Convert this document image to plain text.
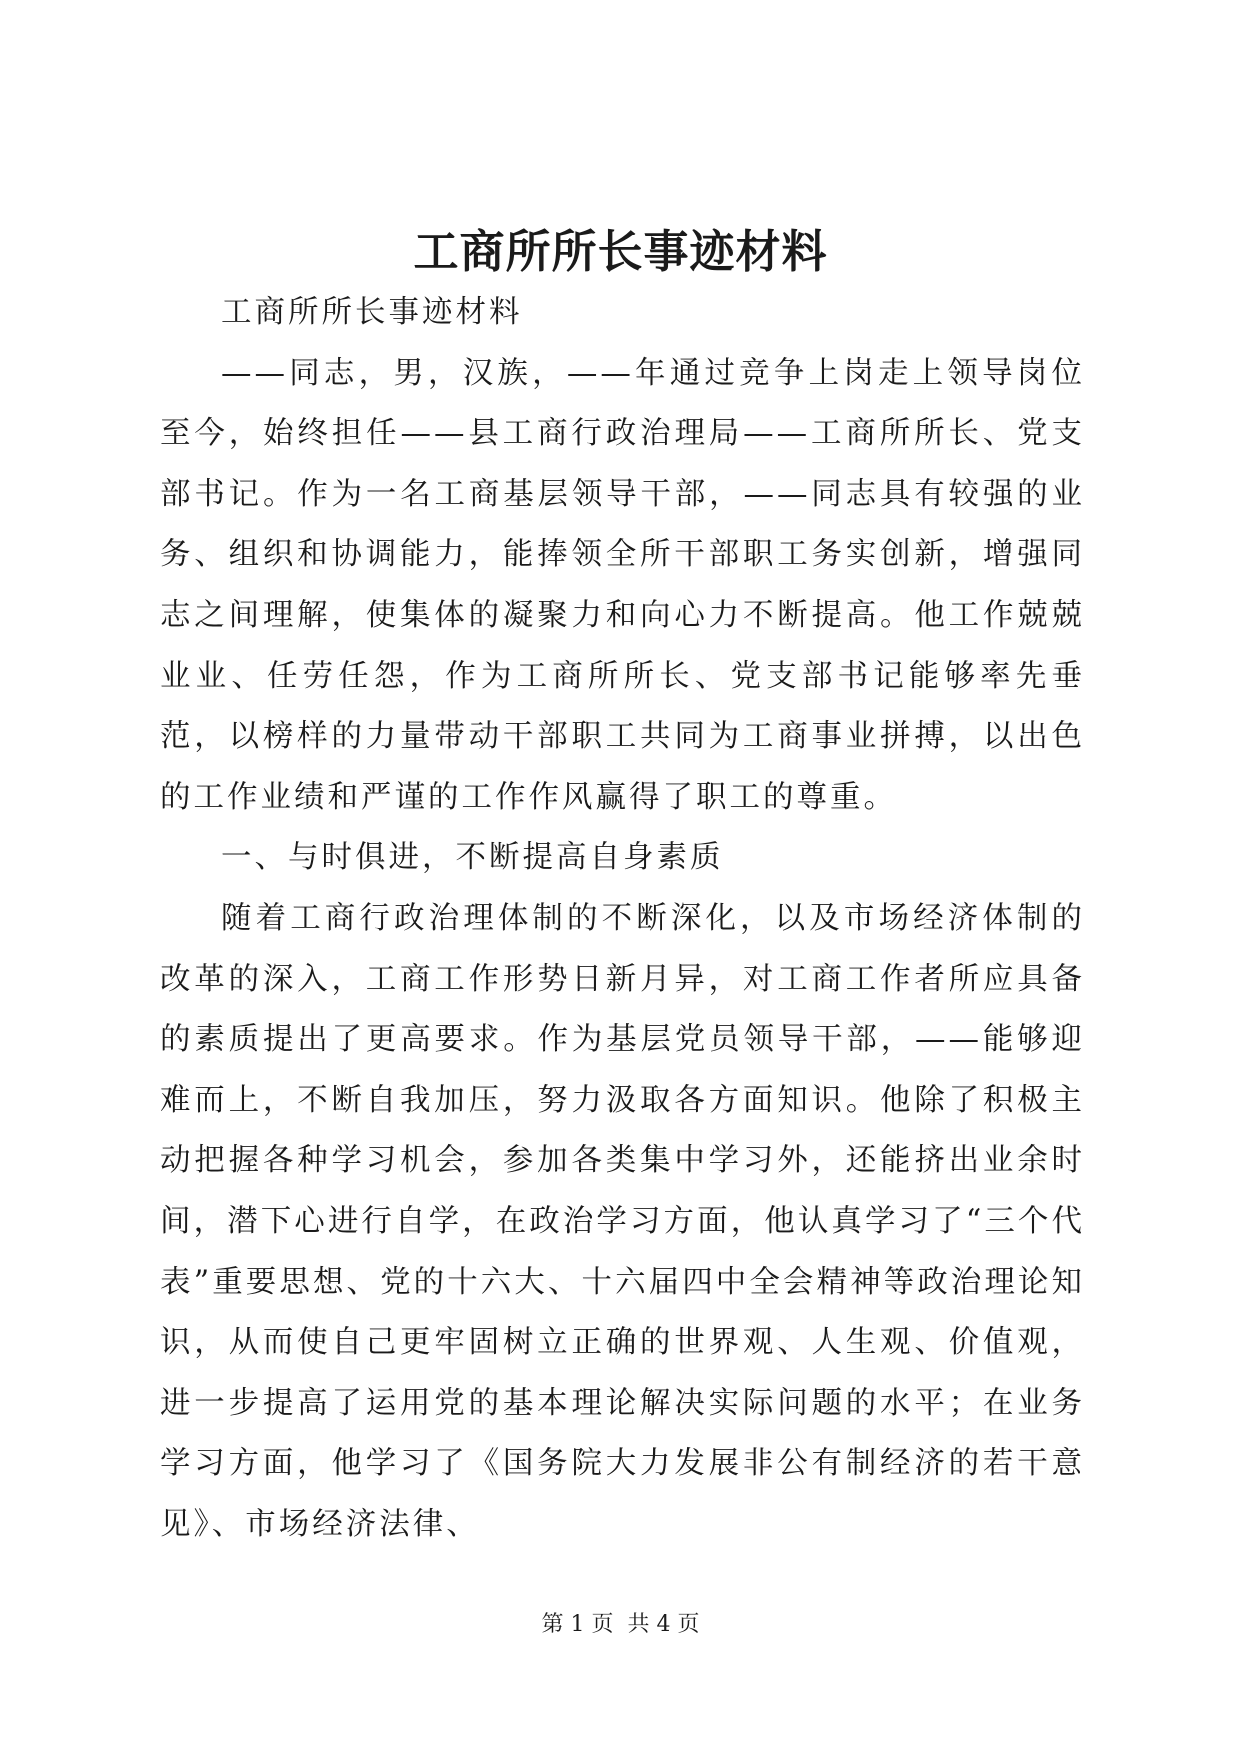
工商所所长事迹材料

工商所所长事迹材料

——同志，男，汉族，——年通过竞争上岗走上领导岗位至今，始终担任——县工商行政治理局——工商所所长、党支部书记。作为一名工商基层领导干部，——同志具有较强的业务、组织和协调能力，能捧领全所干部职工务实创新，增强同志之间理解，使集体的凝聚力和向心力不断提高。他工作兢兢业业、任劳任怨，作为工商所所长、党支部书记能够率先垂范，以榜样的力量带动干部职工共同为工商事业拼搏，以出色的工作业绩和严谨的工作作风赢得了职工的尊重。

一、与时俱进，不断提高自身素质

随着工商行政治理体制的不断深化，以及市场经济体制的改革的深入，工商工作形势日新月异，对工商工作者所应具备的素质提出了更高要求。作为基层党员领导干部，——能够迎难而上，不断自我加压，努力汲取各方面知识。他除了积极主动把握各种学习机会，参加各类集中学习外，还能挤出业余时间，潜下心进行自学，在政治学习方面，他认真学习了“三个代表”重要思想、党的十六大、十六届四中全会精神等政治理论知识，从而使自己更牢固树立正确的世界观、人生观、价值观，进一步提高了运用党的基本理论解决实际问题的水平；在业务学习方面，他学习了《国务院大力发展非公有制经济的若干意见》、市场经济法律、

第 1 页  共 4 页
